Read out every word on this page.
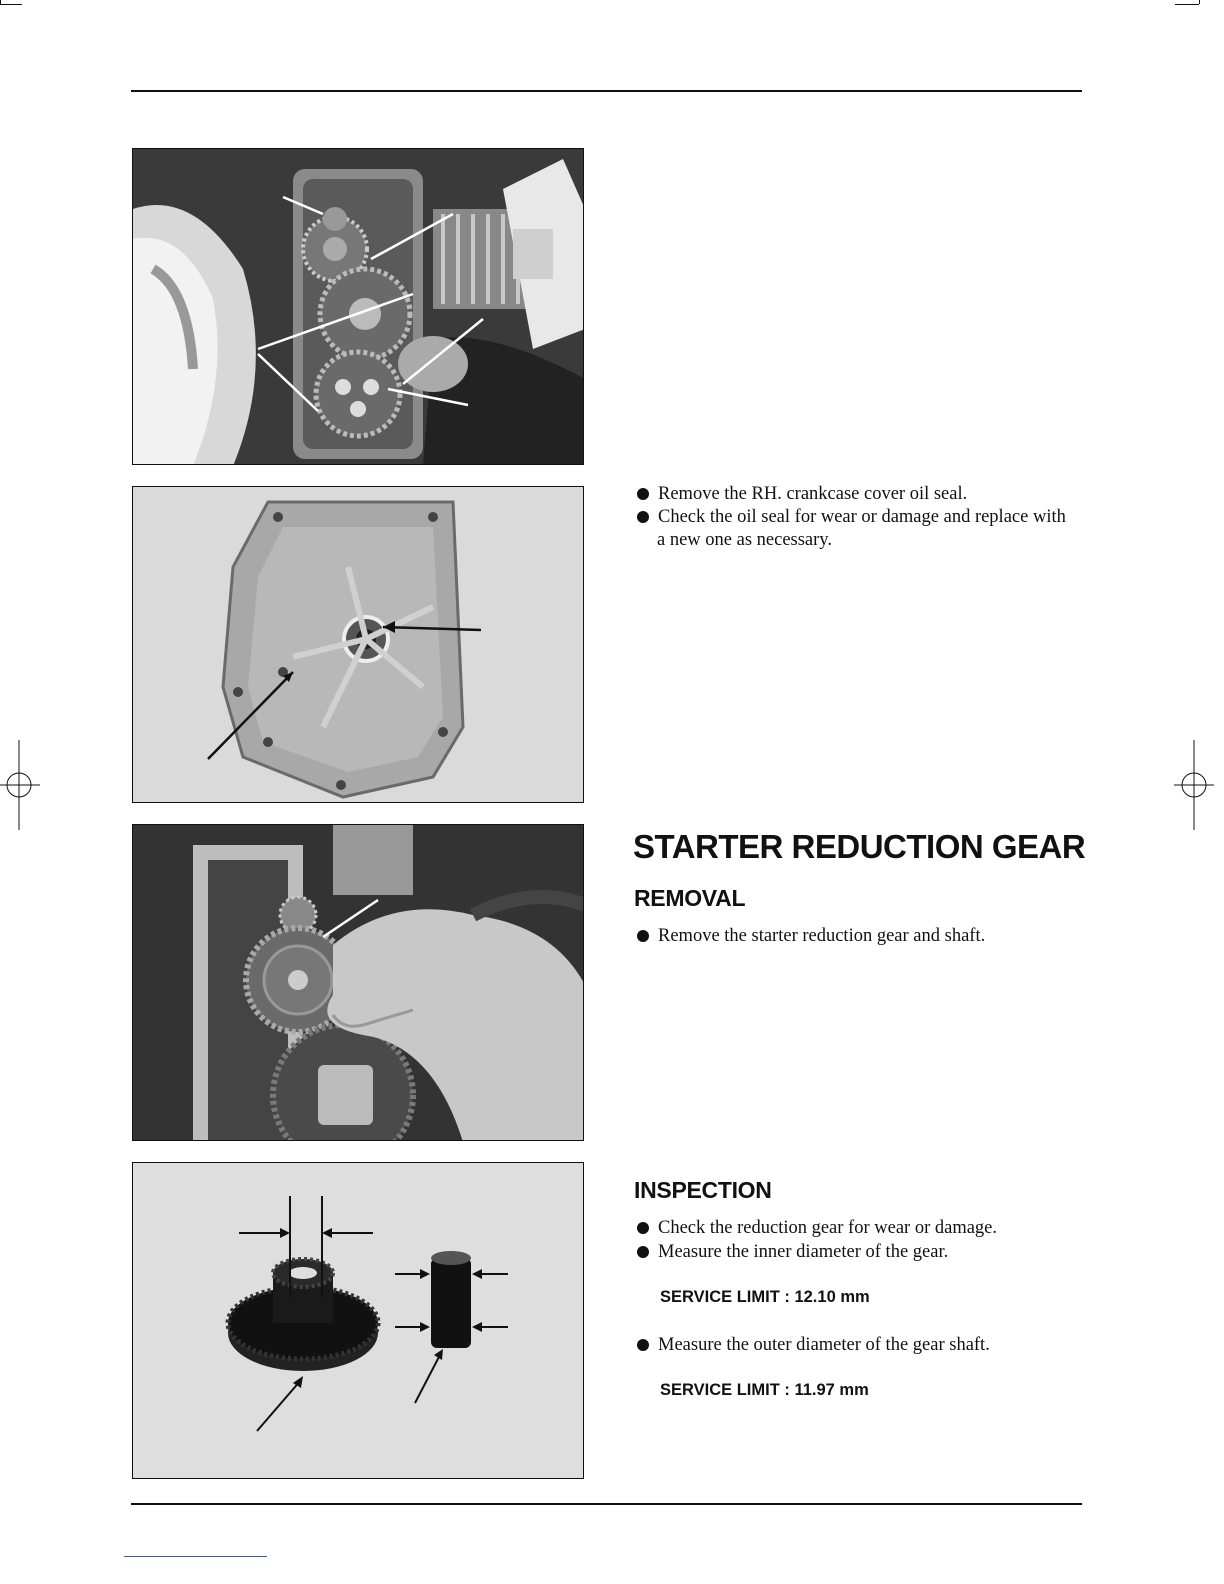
Remove the RH. crankcase cover oil seal.
Check the oil seal for wear or damage and replace with
a new one as necessary.
STARTER REDUCTION GEAR
REMOVAL
Remove the starter reduction gear and shaft.
INSPECTION
Check the reduction gear for wear or damage.
Measure the inner diameter of the gear.
SERVICE LIMIT : 12.10 mm
Measure the outer diameter of the gear shaft.
SERVICE LIMIT : 11.97 mm
